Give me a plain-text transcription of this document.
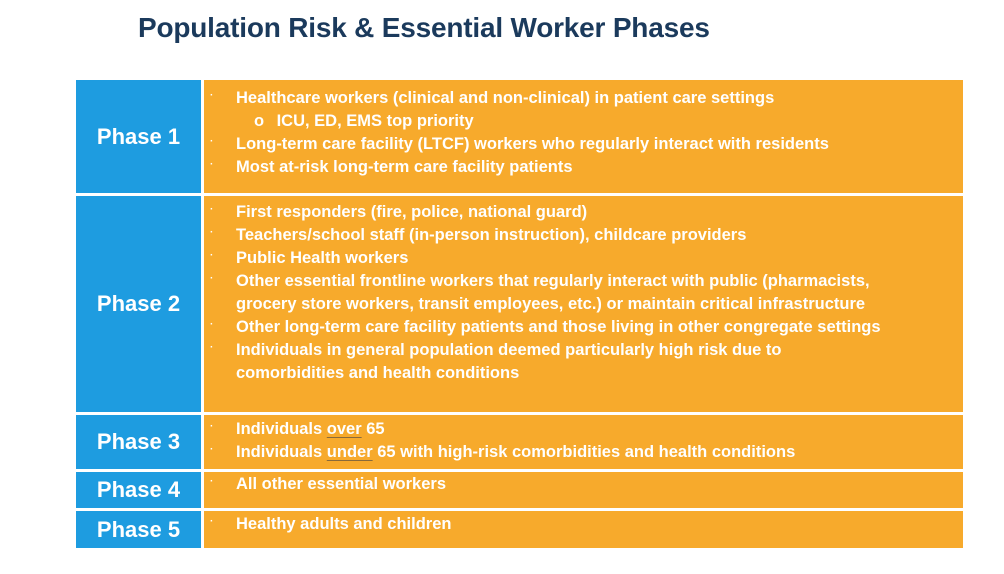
Population Risk & Essential Worker Phases
Phase 1
· Healthcare workers (clinical and non-clinical) in patient care settings
o ICU, ED, EMS top priority
· Long-term care facility (LTCF) workers who regularly interact with residents
· Most at-risk long-term care facility patients
Phase 2
· First responders (fire, police, national guard)
· Teachers/school staff (in-person instruction), childcare providers
· Public Health workers
· Other essential frontline workers that regularly interact with public (pharmacists,
grocery store workers, transit employees, etc.) or maintain critical infrastructure
· Other long-term care facility patients and those living in other congregate settings
· Individuals in general population deemed particularly high risk due to
comorbidities and health conditions
Phase 3
· Individuals over 65
· Individuals under 65 with high-risk comorbidities and health conditions
Phase 4	· All other essential workers
Phase 5	· Healthy adults and children
